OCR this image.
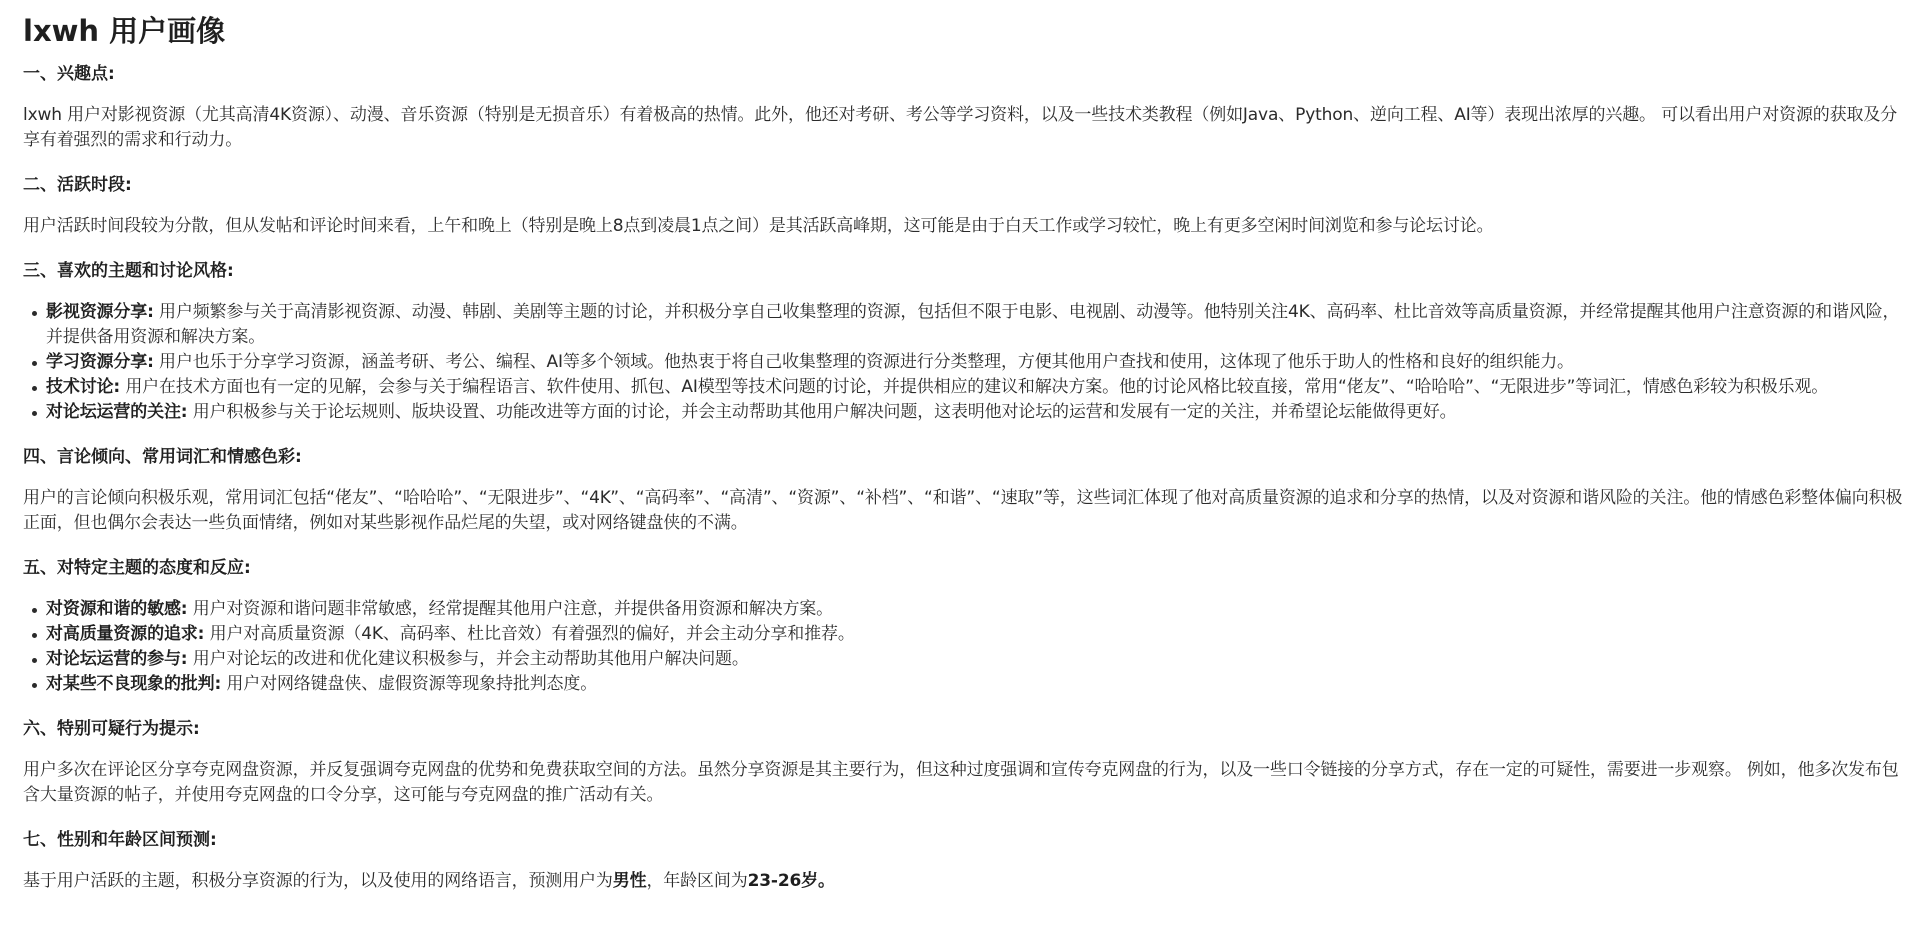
lxwh 用户画像
一、兴趣点:

lxwh 用户对影视资源（尤其高清4K资源）、动漫、音乐资源（特别是无损音乐）有着极高的热情。此外，他还对考研、考公等学习资料，以及一些技术类教程（例如Java、Python、逆向工程、AI等）表现出浓厚的兴趣。 可以看出用户对资源的获取及分享有着强烈的需求和行动力。

二、活跃时段:

用户活跃时间段较为分散，但从发帖和评论时间来看，上午和晚上（特别是晚上8点到凌晨1点之间）是其活跃高峰期，这可能是由于白天工作或学习较忙，晚上有更多空闲时间浏览和参与论坛讨论。

三、喜欢的主题和讨论风格:
影视资源分享: 用户频繁参与关于高清影视资源、动漫、韩剧、美剧等主题的讨论，并积极分享自己收集整理的资源，包括但不限于电影、电视剧、动漫等。他特别关注4K、高码率、杜比音效等高质量资源，并经常提醒其他用户注意资源的和谐风险，并提供备用资源和解决方案。
学习资源分享: 用户也乐于分享学习资源，涵盖考研、考公、编程、AI等多个领域。他热衷于将自己收集整理的资源进行分类整理，方便其他用户查找和使用，这体现了他乐于助人的性格和良好的组织能力。
技术讨论: 用户在技术方面也有一定的见解，会参与关于编程语言、软件使用、抓包、AI模型等技术问题的讨论，并提供相应的建议和解决方案。他的讨论风格比较直接，常用“佬友”、“哈哈哈”、“无限进步”等词汇，情感色彩较为积极乐观。
对论坛运营的关注: 用户积极参与关于论坛规则、版块设置、功能改进等方面的讨论，并会主动帮助其他用户解决问题，这表明他对论坛的运营和发展有一定的关注，并希望论坛能做得更好。
四、言论倾向、常用词汇和情感色彩:

用户的言论倾向积极乐观，常用词汇包括“佬友”、“哈哈哈”、“无限进步”、“4K”、“高码率”、“高清”、“资源”、“补档”、“和谐”、“速取”等，这些词汇体现了他对高质量资源的追求和分享的热情，以及对资源和谐风险的关注。他的情感色彩整体偏向积极正面，但也偶尔会表达一些负面情绪，例如对某些影视作品烂尾的失望，或对网络键盘侠的不满。

五、对特定主题的态度和反应:
对资源和谐的敏感: 用户对资源和谐问题非常敏感，经常提醒其他用户注意，并提供备用资源和解决方案。
对高质量资源的追求: 用户对高质量资源（4K、高码率、杜比音效）有着强烈的偏好，并会主动分享和推荐。
对论坛运营的参与: 用户对论坛的改进和优化建议积极参与，并会主动帮助其他用户解决问题。
对某些不良现象的批判: 用户对网络键盘侠、虚假资源等现象持批判态度。
六、特别可疑行为提示:

用户多次在评论区分享夸克网盘资源，并反复强调夸克网盘的优势和免费获取空间的方法。虽然分享资源是其主要行为，但这种过度强调和宣传夸克网盘的行为，以及一些口令链接的分享方式，存在一定的可疑性，需要进一步观察。 例如，他多次发布包含大量资源的帖子，并使用夸克网盘的口令分享，这可能与夸克网盘的推广活动有关。

七、性别和年龄区间预测:

基于用户活跃的主题，积极分享资源的行为，以及使用的网络语言，预测用户为男性，年龄区间为23-26岁。
